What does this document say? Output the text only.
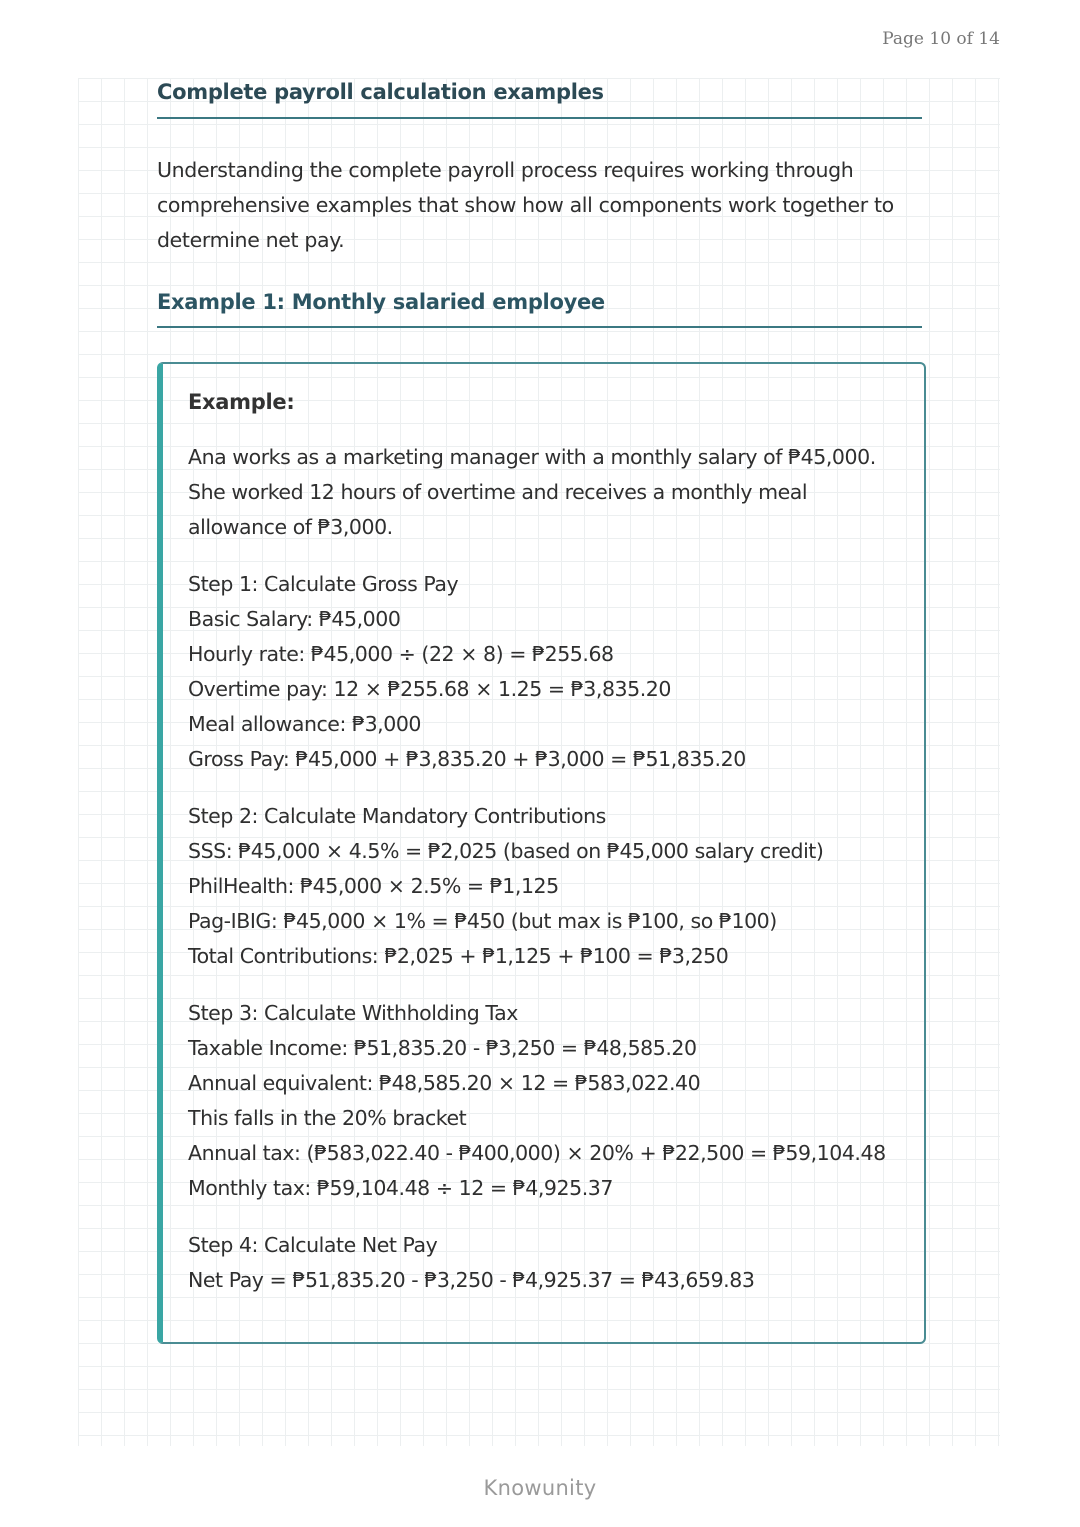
Page 10 of 14
Complete payroll calculation examples

Understanding the complete payroll process requires working through comprehensive examples that show how all components work together to determine net pay.

Example 1: Monthly salaried employee
Example:

Ana works as a marketing manager with a monthly salary of ₱45,000. She worked 12 hours of overtime and receives a monthly meal allowance of ₱3,000.

Step 1: Calculate Gross Pay
Basic Salary: ₱45,000
Hourly rate: ₱45,000 ÷ (22 × 8) = ₱255.68
Overtime pay: 12 × ₱255.68 × 1.25 = ₱3,835.20
Meal allowance: ₱3,000
Gross Pay: ₱45,000 + ₱3,835.20 + ₱3,000 = ₱51,835.20
Step 2: Calculate Mandatory Contributions
SSS: ₱45,000 × 4.5% = ₱2,025 (based on ₱45,000 salary credit)
PhilHealth: ₱45,000 × 2.5% = ₱1,125
Pag-IBIG: ₱45,000 × 1% = ₱450 (but max is ₱100, so ₱100)
Total Contributions: ₱2,025 + ₱1,125 + ₱100 = ₱3,250
Step 3: Calculate Withholding Tax
Taxable Income: ₱51,835.20 - ₱3,250 = ₱48,585.20
Annual equivalent: ₱48,585.20 × 12 = ₱583,022.40
This falls in the 20% bracket
Annual tax: (₱583,022.40 - ₱400,000) × 20% + ₱22,500 = ₱59,104.48
Monthly tax: ₱59,104.48 ÷ 12 = ₱4,925.37
Step 4: Calculate Net Pay
Net Pay = ₱51,835.20 - ₱3,250 - ₱4,925.37 = ₱43,659.83
Knowunity
